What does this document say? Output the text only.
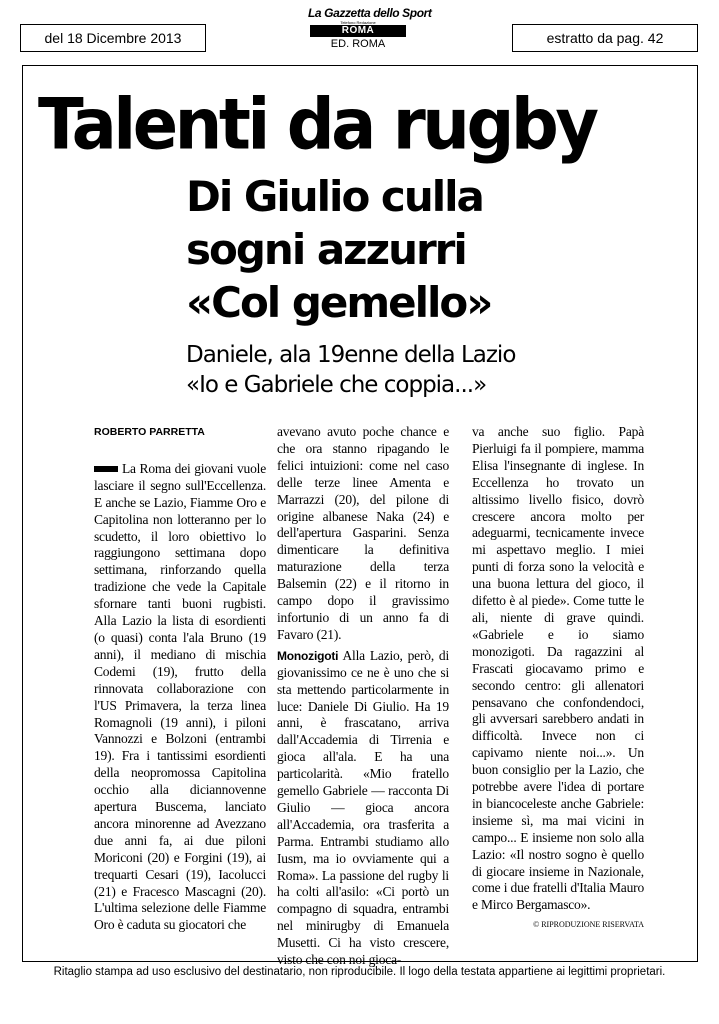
del 18 Dicembre 2013
La Gazzetta dello Sport
Telefono Redazione
ROMA
ED. ROMA	estratto da pag. 42
Talenti da rugby
Di Giulio culla
sogni azzurri
«Col gemello»
Daniele, ala 19enne della Lazio
«Io e Gabriele che coppia...»
ROBERTO PARRETTA

La Roma dei giovani vuole lasciare il segno sull'Eccellenza. E anche se Lazio, Fiamme Oro e Capitolina non lotteranno per lo scudetto, il loro obiettivo lo raggiungono settimana dopo settimana, rinforzando quella tradizione che vede la Capitale sfornare tanti buoni rugbisti. Alla Lazio la lista di esordienti (o quasi) conta l'ala Bruno (19 anni), il mediano di mischia Codemi (19), frutto della rinnovata collaborazione con l'US Primavera, la terza linea Romagnoli (19 anni), i piloni Vannozzi e Bolzoni (entrambi 19). Fra i tantissimi esordienti della neopromossa Capitolina occhio alla diciannovenne apertura Buscema, lanciato ancora minorenne ad Avezzano due anni fa, ai due piloni Moriconi (20) e Forgini (19), ai trequarti Cesari (19), Iacolucci (21) e Fracesco Mascagni (20). L'ultima selezione delle Fiamme Oro è caduta su giocatori che

avevano avuto poche chance e che ora stanno ripagando le felici intuizioni: come nel caso delle terze linee Amenta e Marrazzi (20), del pilone di origine albanese Naka (24) e dell'apertura Gasparini. Senza dimenticare la definitiva maturazione della terza Balsemin (22) e il ritorno in campo dopo il gravissimo infortunio di un anno fa di Favaro (21).

Monozigoti Alla Lazio, però, di giovanissimo ce ne è uno che si sta mettendo particolarmente in luce: Daniele Di Giulio. Ha 19 anni, è frascatano, arriva dall'Accademia di Tirrenia e gioca all'ala. E ha una particolarità. «Mio fratello gemello Gabriele — racconta Di Giulio — gioca ancora all'Accademia, ora trasferita a Parma. Entrambi studiamo allo Iusm, ma io ovviamente qui a Roma». La passione del rugby li ha colti all'asilo: «Ci portò un compagno di squadra, entrambi nel minirugby di Emanuela Musetti. Ci ha visto crescere, visto che con noi gioca-

va anche suo figlio. Papà Pierluigi fa il pompiere, mamma Elisa l'insegnante di inglese. In Eccellenza ho trovato un altissimo livello fisico, dovrò crescere ancora molto per adeguarmi, tecnicamente invece mi aspettavo meglio. I miei punti di forza sono la velocità e una buona lettura del gioco, il difetto è al piede». Come tutte le ali, niente di grave quindi. «Gabriele e io siamo monozigoti. Da ragazzini al Frascati giocavamo primo e secondo centro: gli allenatori pensavano che confondendoci, gli avversari sarebbero andati in difficoltà. Invece non ci capivamo niente noi...». Un buon consiglio per la Lazio, che potrebbe avere l'idea di portare in biancoceleste anche Gabriele: insieme sì, ma mai vicini in campo... E insieme non solo alla Lazio: «Il nostro sogno è quello di giocare insieme in Nazionale, come i due fratelli d'Italia Mauro e Mirco Bergamasco».

© RIPRODUZIONE RISERVATA
Ritaglio stampa ad uso esclusivo del destinatario, non riproducibile. Il logo della testata appartiene ai legittimi proprietari.
